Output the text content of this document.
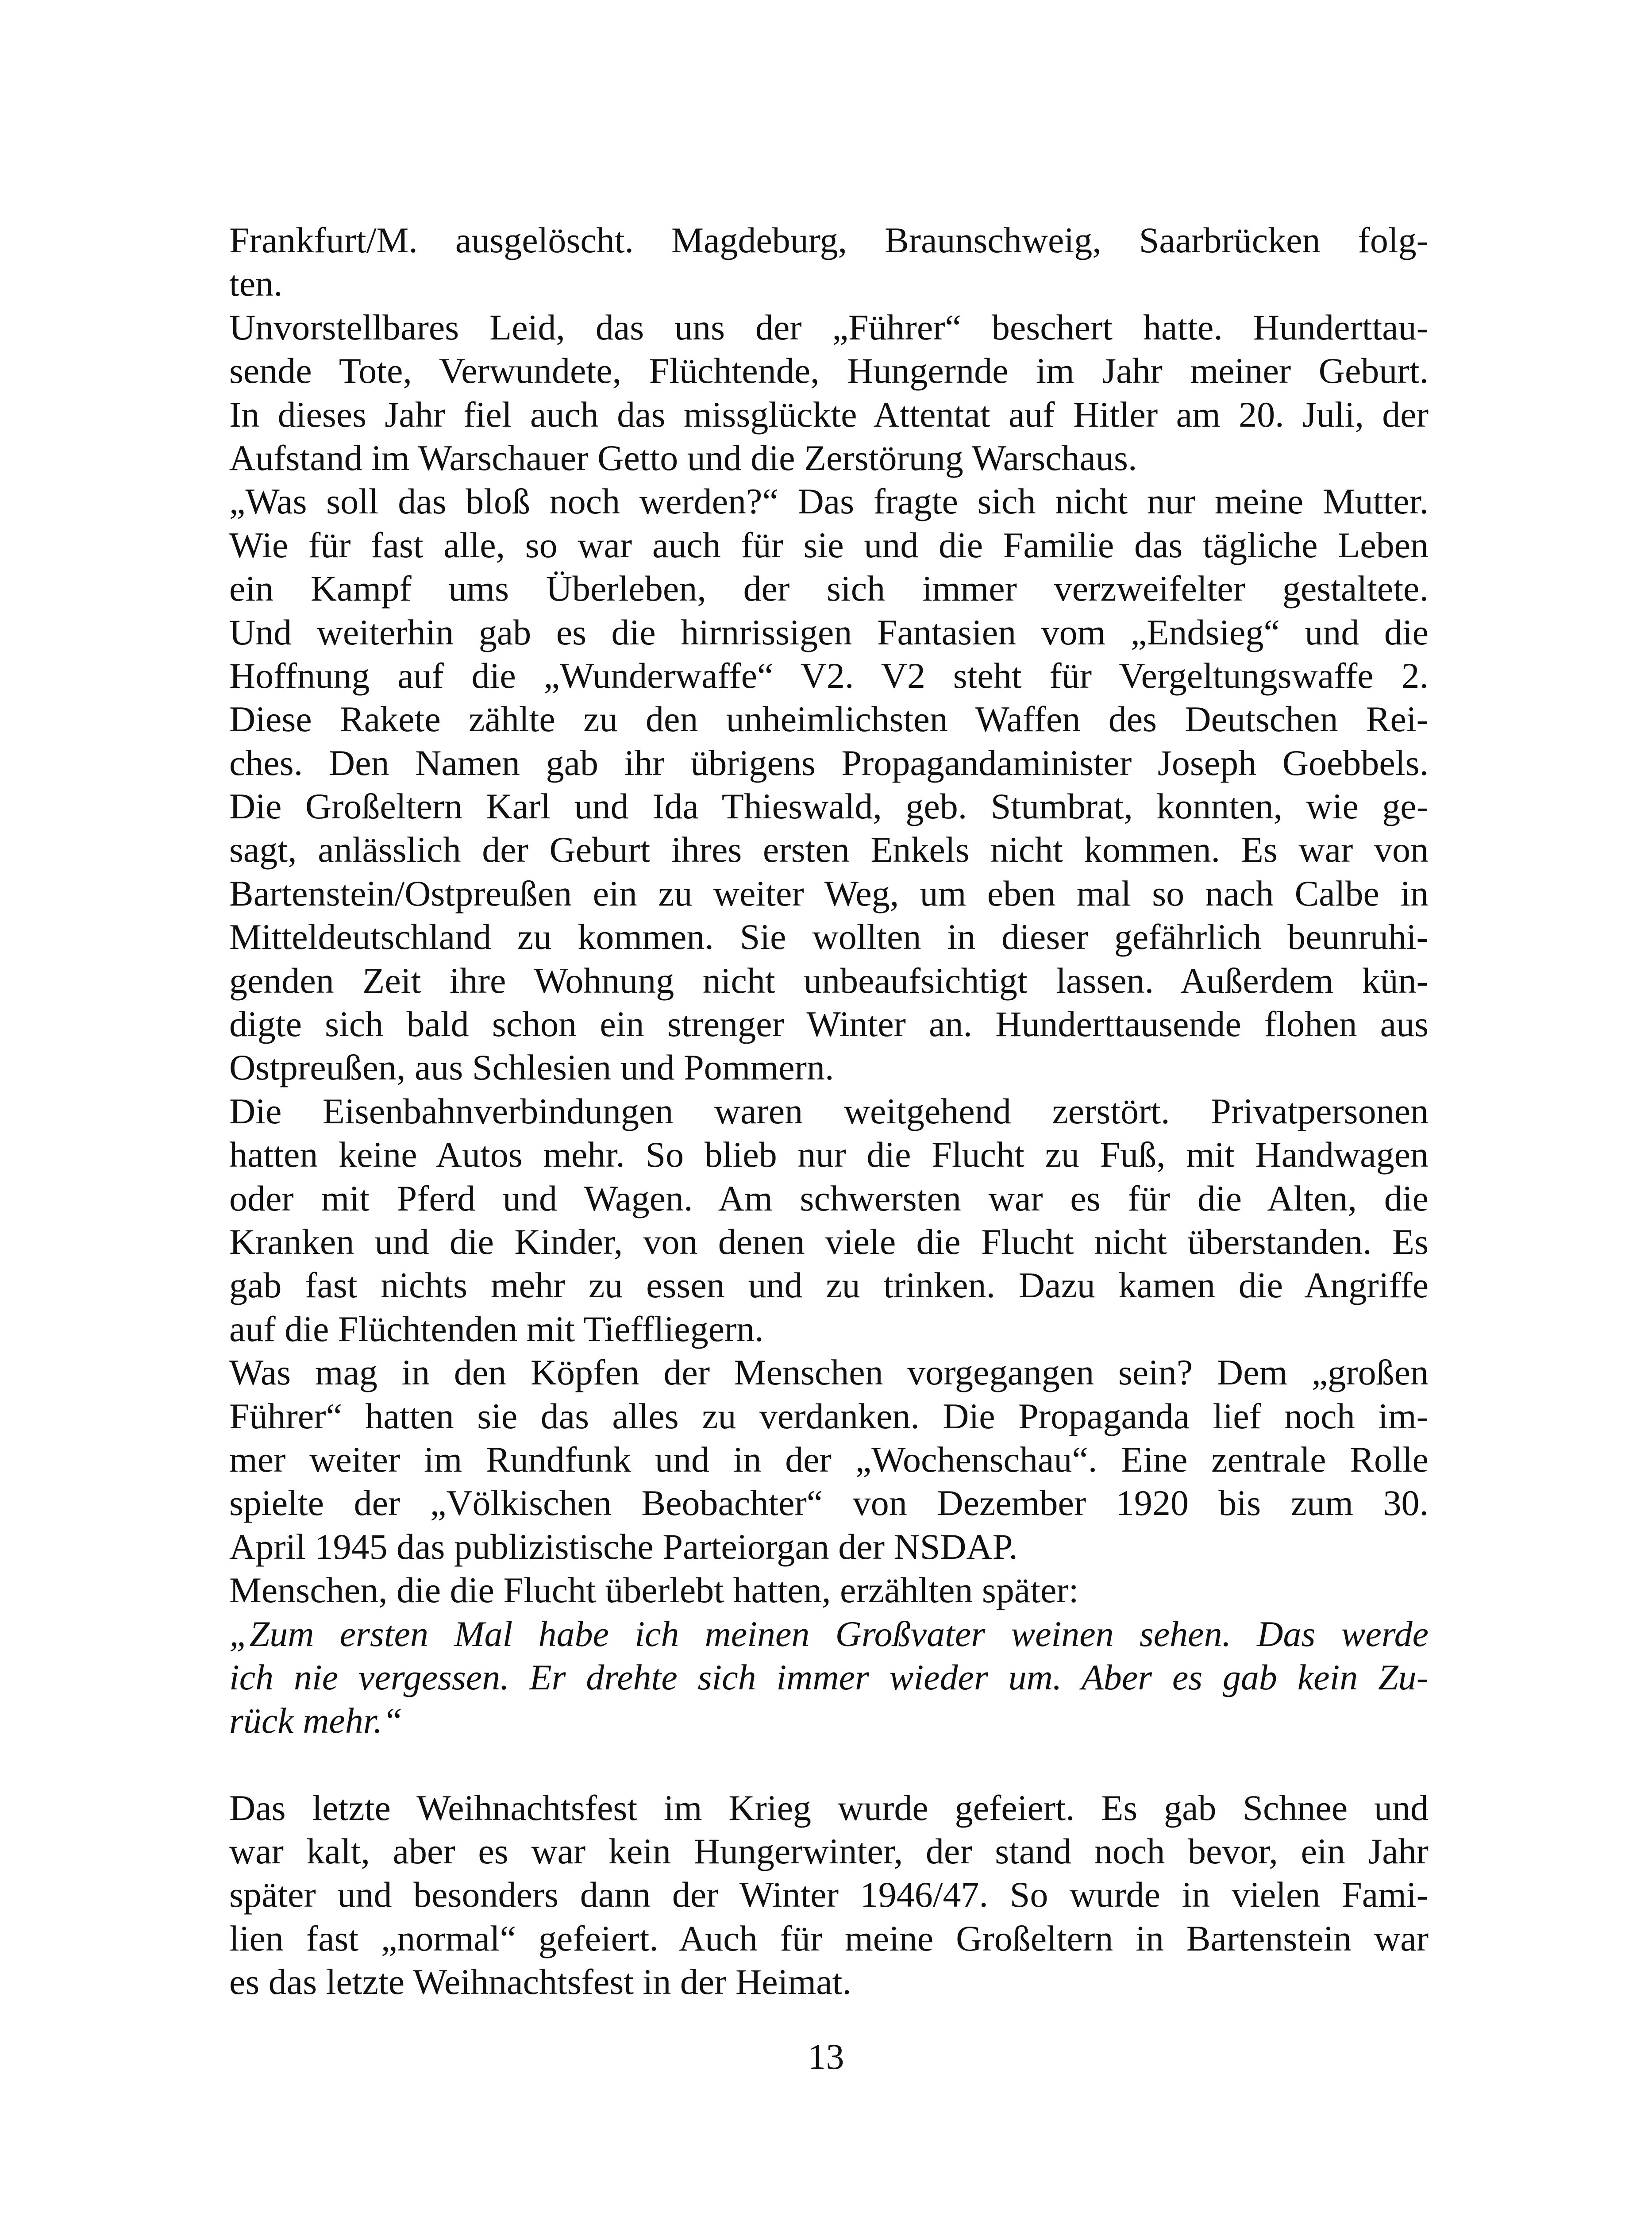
Frankfurt/M. ausgelöscht. Magdeburg, Braunschweig, Saarbrücken folg-
ten.

Unvorstellbares Leid, das uns der „Führer“ beschert hatte. Hunderttau-
sende Tote, Verwundete, Flüchtende, Hungernde im Jahr meiner Geburt.

In dieses Jahr fiel auch das missglückte Attentat auf Hitler am 20. Juli, der
Aufstand im Warschauer Getto und die Zerstörung Warschaus.

„Was soll das bloß noch werden?“ Das fragte sich nicht nur meine Mutter.
Wie für fast alle, so war auch für sie und die Familie das tägliche Leben
ein Kampf ums Überleben, der sich immer verzweifelter gestaltete.

Und weiterhin gab es die hirnrissigen Fantasien vom „Endsieg“ und die
Hoffnung auf die „Wunderwaffe“ V2. V2 steht für Vergeltungswaffe 2.
Diese Rakete zählte zu den unheimlichsten Waffen des Deutschen Rei-
ches. Den Namen gab ihr übrigens Propagandaminister Joseph Goebbels.

Die Großeltern Karl und Ida Thieswald, geb. Stumbrat, konnten, wie ge-
sagt, anlässlich der Geburt ihres ersten Enkels nicht kommen. Es war von
Bartenstein/Ostpreußen ein zu weiter Weg, um eben mal so nach Calbe in
Mitteldeutschland zu kommen. Sie wollten in dieser gefährlich beunruhi-
genden Zeit ihre Wohnung nicht unbeaufsichtigt lassen. Außerdem kün-
digte sich bald schon ein strenger Winter an. Hunderttausende flohen aus
Ostpreußen, aus Schlesien und Pommern.

Die Eisenbahnverbindungen waren weitgehend zerstört. Privatpersonen
hatten keine Autos mehr. So blieb nur die Flucht zu Fuß, mit Handwagen
oder mit Pferd und Wagen. Am schwersten war es für die Alten, die
Kranken und die Kinder, von denen viele die Flucht nicht überstanden. Es
gab fast nichts mehr zu essen und zu trinken. Dazu kamen die Angriffe
auf die Flüchtenden mit Tieffliegern.

Was mag in den Köpfen der Menschen vorgegangen sein? Dem „großen
Führer“ hatten sie das alles zu verdanken. Die Propaganda lief noch im-
mer weiter im Rundfunk und in der „Wochenschau“. Eine zentrale Rolle
spielte der „Völkischen Beobachter“ von Dezember 1920 bis zum 30.
April 1945 das publizistische Parteiorgan der NSDAP.

Menschen, die die Flucht überlebt hatten, erzählten später:

„Zum ersten Mal habe ich meinen Großvater weinen sehen. Das werde
ich nie vergessen. Er drehte sich immer wieder um. Aber es gab kein Zu-
rück mehr.“

Das letzte Weihnachtsfest im Krieg wurde gefeiert. Es gab Schnee und
war kalt, aber es war kein Hungerwinter, der stand noch bevor, ein Jahr
später und besonders dann der Winter 1946/47. So wurde in vielen Fami-
lien fast „normal“ gefeiert. Auch für meine Großeltern in Bartenstein war
es das letzte Weihnachtsfest in der Heimat.

13
